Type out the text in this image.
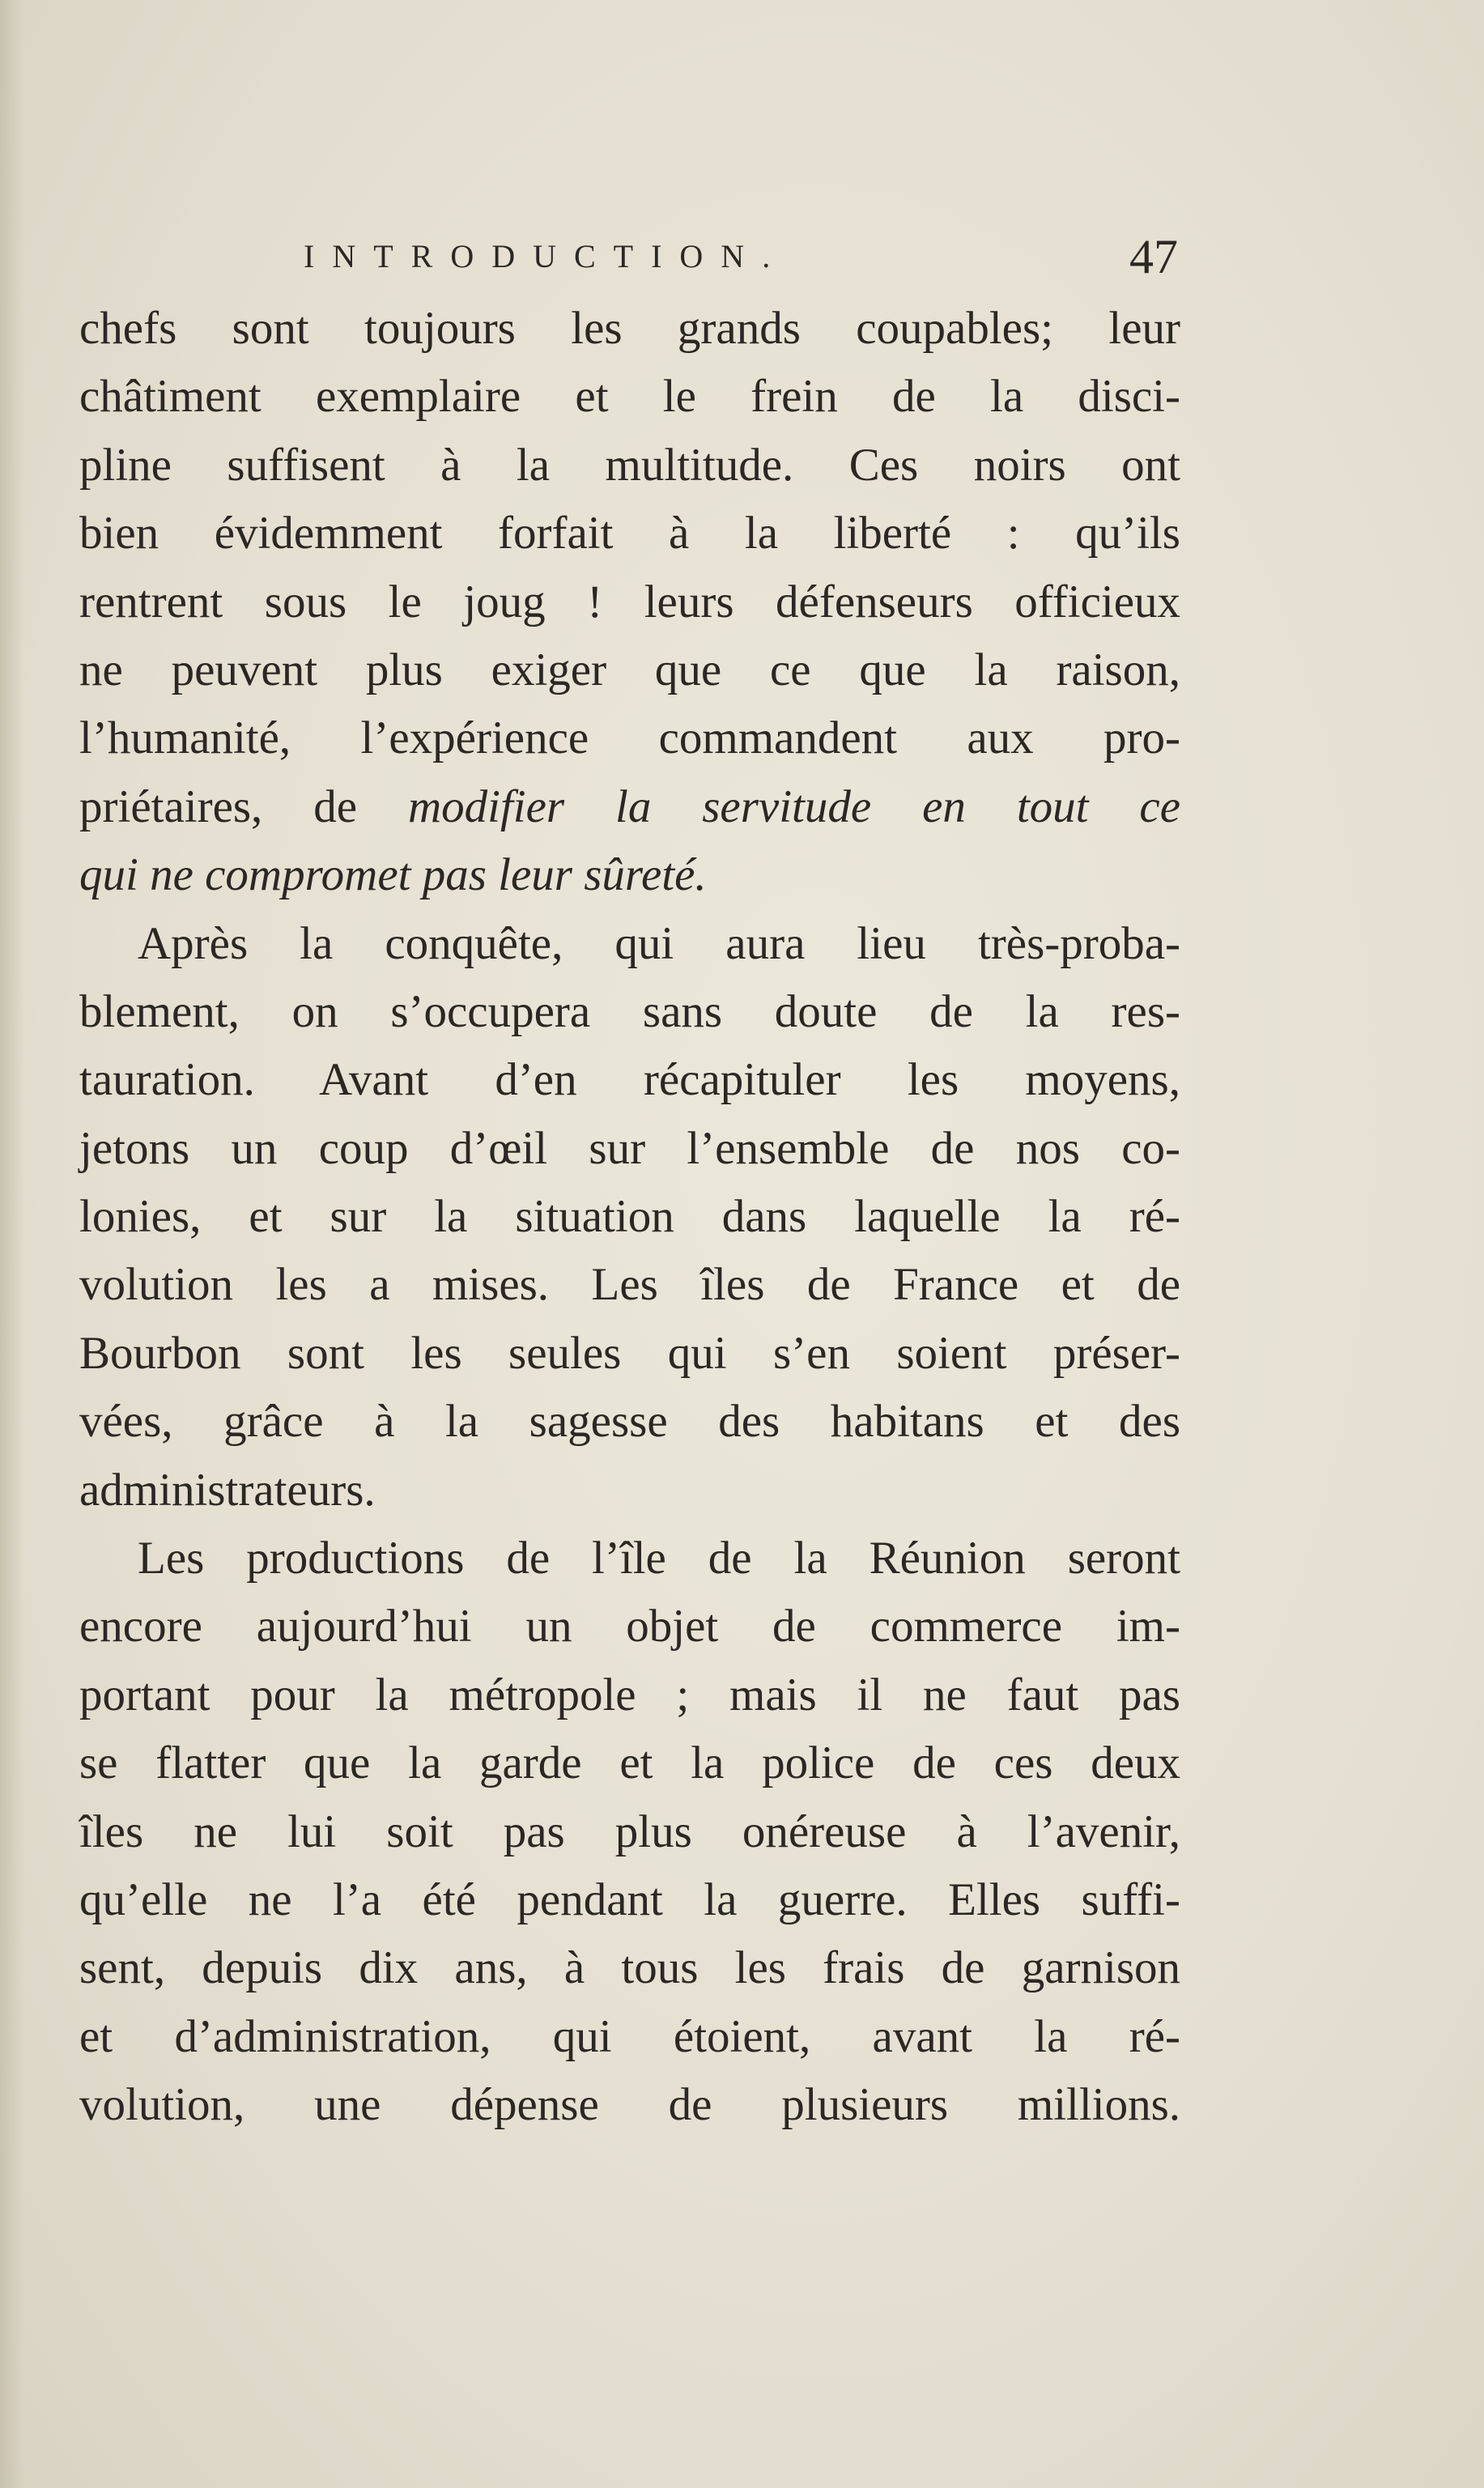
INTRODUCTION.	47
chefs sont toujours les grands coupables; leur
châtiment exemplaire et le frein de la disci-
pline suffisent à la multitude. Ces noirs ont
bien évidemment forfait à la liberté : qu’ils
rentrent sous le joug ! leurs défenseurs officieux
ne peuvent plus exiger que ce que la raison,
l’humanité, l’expérience commandent aux pro-
priétaires, de modifier la servitude en tout ce
qui ne compromet pas leur sûreté.
Après la conquête, qui aura lieu très-proba-
blement, on s’occupera sans doute de la res-
tauration. Avant d’en récapituler les moyens,
jetons un coup d’œil sur l’ensemble de nos co-
lonies, et sur la situation dans laquelle la ré-
volution les a mises. Les îles de France et de
Bourbon sont les seules qui s’en soient préser-
vées, grâce à la sagesse des habitans et des
administrateurs.
Les productions de l’île de la Réunion seront
encore aujourd’hui un objet de commerce im-
portant pour la métropole ; mais il ne faut pas
se flatter que la garde et la police de ces deux
îles ne lui soit pas plus onéreuse à l’avenir,
qu’elle ne l’a été pendant la guerre. Elles suffi-
sent, depuis dix ans, à tous les frais de garnison
et d’administration, qui étoient, avant la ré-
volution, une dépense de plusieurs millions.
